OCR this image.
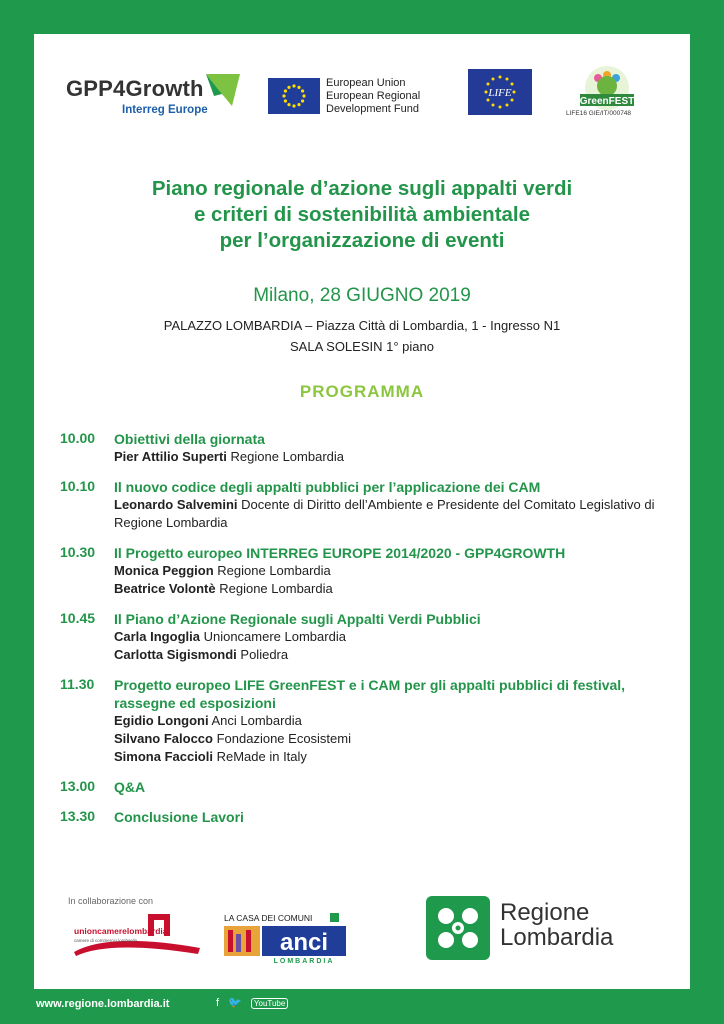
GPP4Growth
Interreg Europe
European Union
European Regional
Development Fund
LIFE
GreenFEST
LIFE16 GIE/IT/000748
Piano regionale d’azione sugli appalti verdi
e criteri di sostenibilità ambientale
per l’organizzazione di eventi
Milano, 28 GIUGNO 2019
PALAZZO LOMBARDIA – Piazza Città di Lombardia, 1 - Ingresso N1
SALA SOLESIN 1° piano
PROGRAMMA
10.00	Obiettivi della giornata
Pier Attilio Superti Regione Lombardia
10.10	Il nuovo codice degli appalti pubblici per l’applicazione dei CAM
Leonardo Salvemini Docente di Diritto dell’Ambiente e Presidente del Comitato Legislativo di Regione Lombardia
10.30	Il Progetto europeo INTERREG EUROPE 2014/2020 - GPP4GROWTH
Monica Peggion Regione Lombardia
Beatrice Volontè Regione Lombardia
10.45	Il Piano d’Azione Regionale sugli Appalti Verdi Pubblici
Carla Ingoglia Unioncamere Lombardia
Carlotta Sigismondi Poliedra
11.30	Progetto europeo LIFE GreenFEST e i CAM per gli appalti pubblici di festival, rassegne ed esposizioni
Egidio Longoni Anci Lombardia
Silvano Falocco Fondazione Ecosistemi
Simona Faccioli ReMade in Italy
13.00	Q&A
13.30	Conclusione Lavori
In collaborazione con
unioncamerelombardia
camere di commercio lombarde
LA CASA DEI COMUNI
anci
LOMBARDIA
Regione
Lombardia
www.regione.lombardia.it	f 🐦 YouTube
